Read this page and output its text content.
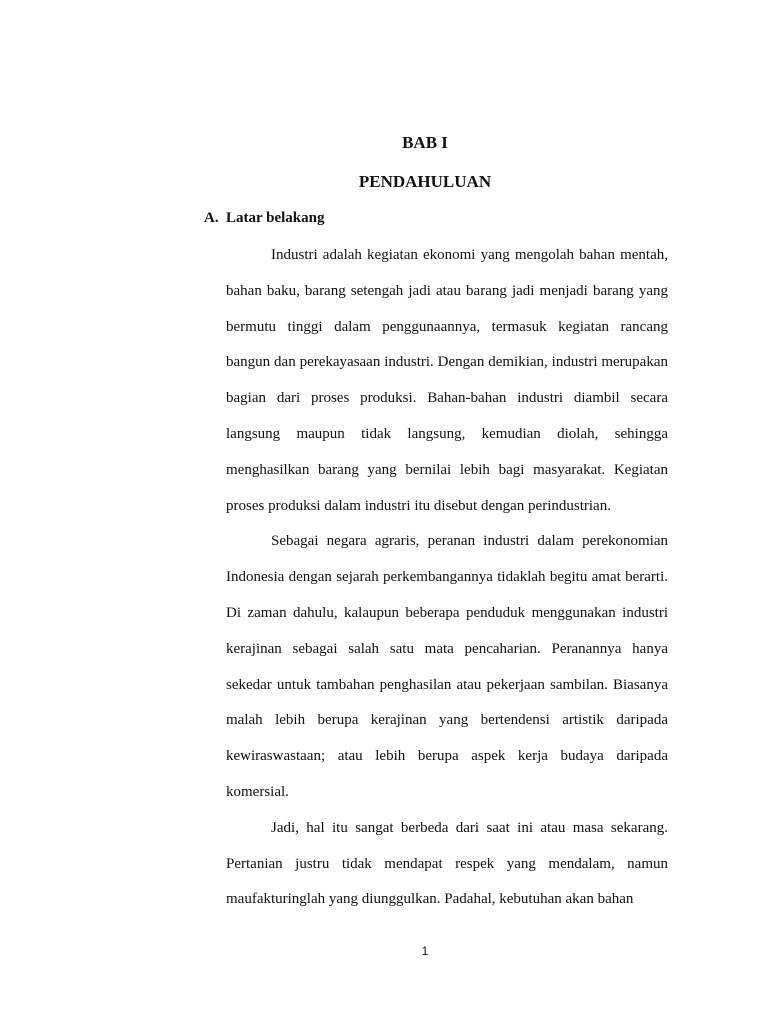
BAB I
PENDAHULUAN
A. Latar belakang

Industri adalah kegiatan ekonomi yang mengolah bahan mentah, bahan baku, barang setengah jadi atau barang jadi menjadi barang yang bermutu tinggi dalam penggunaannya, termasuk kegiatan rancang bangun dan perekayasaan industri. Dengan demikian, industri merupakan bagian dari proses produksi. Bahan-bahan industri diambil secara langsung maupun tidak langsung, kemudian diolah, sehingga menghasilkan barang yang bernilai lebih bagi masyarakat. Kegiatan proses produksi dalam industri itu disebut dengan perindustrian.

Sebagai negara agraris, peranan industri dalam perekonomian Indonesia dengan sejarah perkembangannya tidaklah begitu amat berarti. Di zaman dahulu, kalaupun beberapa penduduk menggunakan industri kerajinan sebagai salah satu mata pencaharian. Peranannya hanya sekedar untuk tambahan penghasilan atau pekerjaan sambilan. Biasanya malah lebih berupa kerajinan yang bertendensi artistik daripada kewiraswastaan; atau lebih berupa aspek kerja budaya daripada komersial.

Jadi, hal itu sangat berbeda dari saat ini atau masa sekarang. Pertanian justru tidak mendapat respek yang mendalam, namun maufakturinglah yang diunggulkan. Padahal, kebutuhan akan bahan

1
